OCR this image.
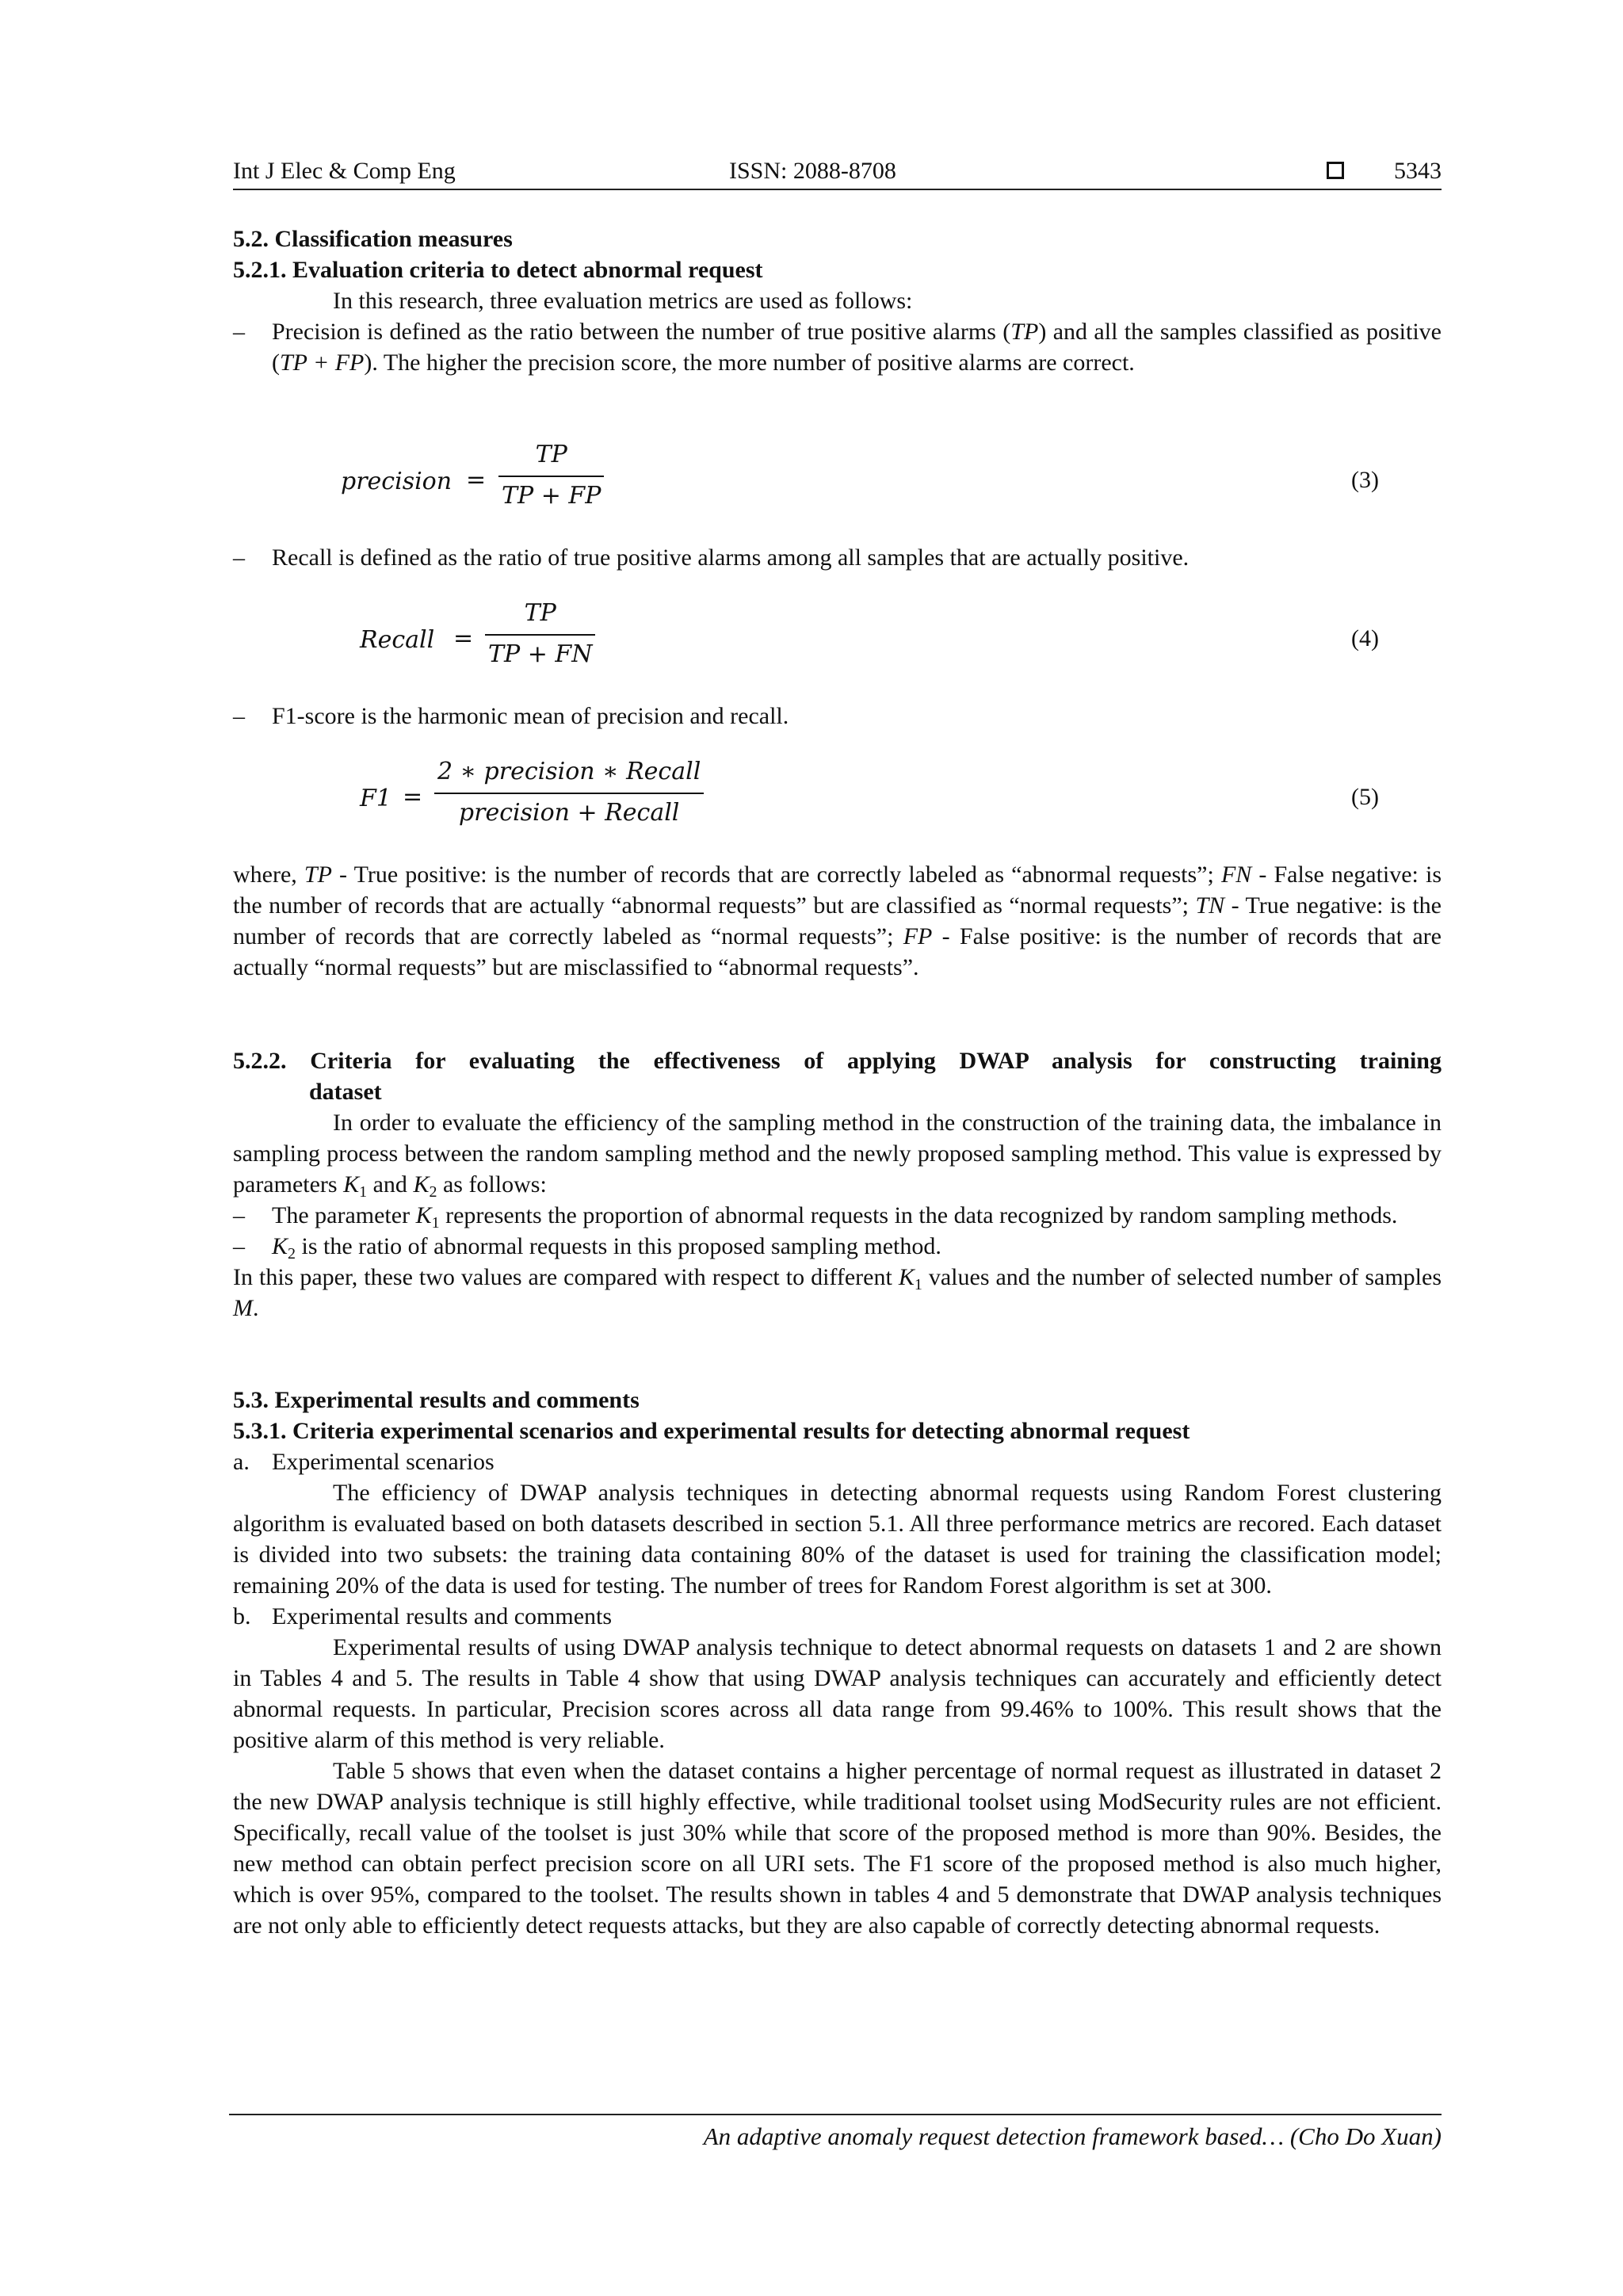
Int J Elec & Comp Eng	ISSN: 2088-8708	5343
5.2. Classification measures
5.2.1. Evaluation criteria to detect abnormal request
In this research, three evaluation metrics are used as follows:
– Precision is defined as the ratio between the number of true positive alarms (TP) and all the samples classified as positive (TP + FP). The higher the precision score, the more number of positive alarms are correct.
precision = $\frac{TP}{TP + FP}$	(3)
– Recall is defined as the ratio of true positive alarms among all samples that are actually positive.
Recall = $\frac{TP}{TP + FN}$	(4)
– F1-score is the harmonic mean of precision and recall.
F1 =
2 ∗ precision ∗ Recall
precision + Recall
(5)
where, TP - True positive: is the number of records that are correctly labeled as “abnormal requests”; FN - False negative: is the number of records that are actually “abnormal requests” but are classified as “normal requests”; TN - True negative: is the number of records that are correctly labeled as “normal requests”; FP - False positive: is the number of records that are actually “normal requests” but are misclassified to “abnormal requests”.
5.2.2. Criteria for evaluating the effectiveness of applying DWAP analysis for constructing training
dataset
In order to evaluate the efficiency of the sampling method in the construction of the training data, the imbalance in sampling process between the random sampling method and the newly proposed sampling method. This value is expressed by parameters $K_1$ and $K_2$ as follows:
– The parameter $K_1$ represents the proportion of abnormal requests in the data recognized by random sampling methods.
– $K_2$ is the ratio of abnormal requests in this proposed sampling method.
In this paper, these two values are compared with respect to different $K_1$ values and the number of selected number of samples M.
5.3. Experimental results and comments
5.3.1. Criteria experimental scenarios and experimental results for detecting abnormal request
a. Experimental scenarios
The efficiency of DWAP analysis techniques in detecting abnormal requests using Random Forest clustering algorithm is evaluated based on both datasets described in section 5.1. All three performance metrics are recored. Each dataset is divided into two subsets: the training data containing 80% of the dataset is used for training the classification model; remaining 20% of the data is used for testing. The number of trees for Random Forest algorithm is set at 300.
b. Experimental results and comments
Experimental results of using DWAP analysis technique to detect abnormal requests on datasets 1 and 2 are shown in Tables 4 and 5. The results in Table 4 show that using DWAP analysis techniques can accurately and efficiently detect abnormal requests. In particular, Precision scores across all data range from 99.46% to 100%. This result shows that the positive alarm of this method is very reliable.
Table 5 shows that even when the dataset contains a higher percentage of normal request as illustrated in dataset 2 the new DWAP analysis technique is still highly effective, while traditional toolset using ModSecurity rules are not efficient. Specifically, recall value of the toolset is just 30% while that score of the proposed method is more than 90%. Besides, the new method can obtain perfect precision score on all URI sets. The F1 score of the proposed method is also much higher, which is over 95%, compared to the toolset. The results shown in tables 4 and 5 demonstrate that DWAP analysis techniques are not only able to efficiently detect requests attacks, but they are also capable of correctly detecting abnormal requests.
An adaptive anomaly request detection framework based… (Cho Do Xuan)
